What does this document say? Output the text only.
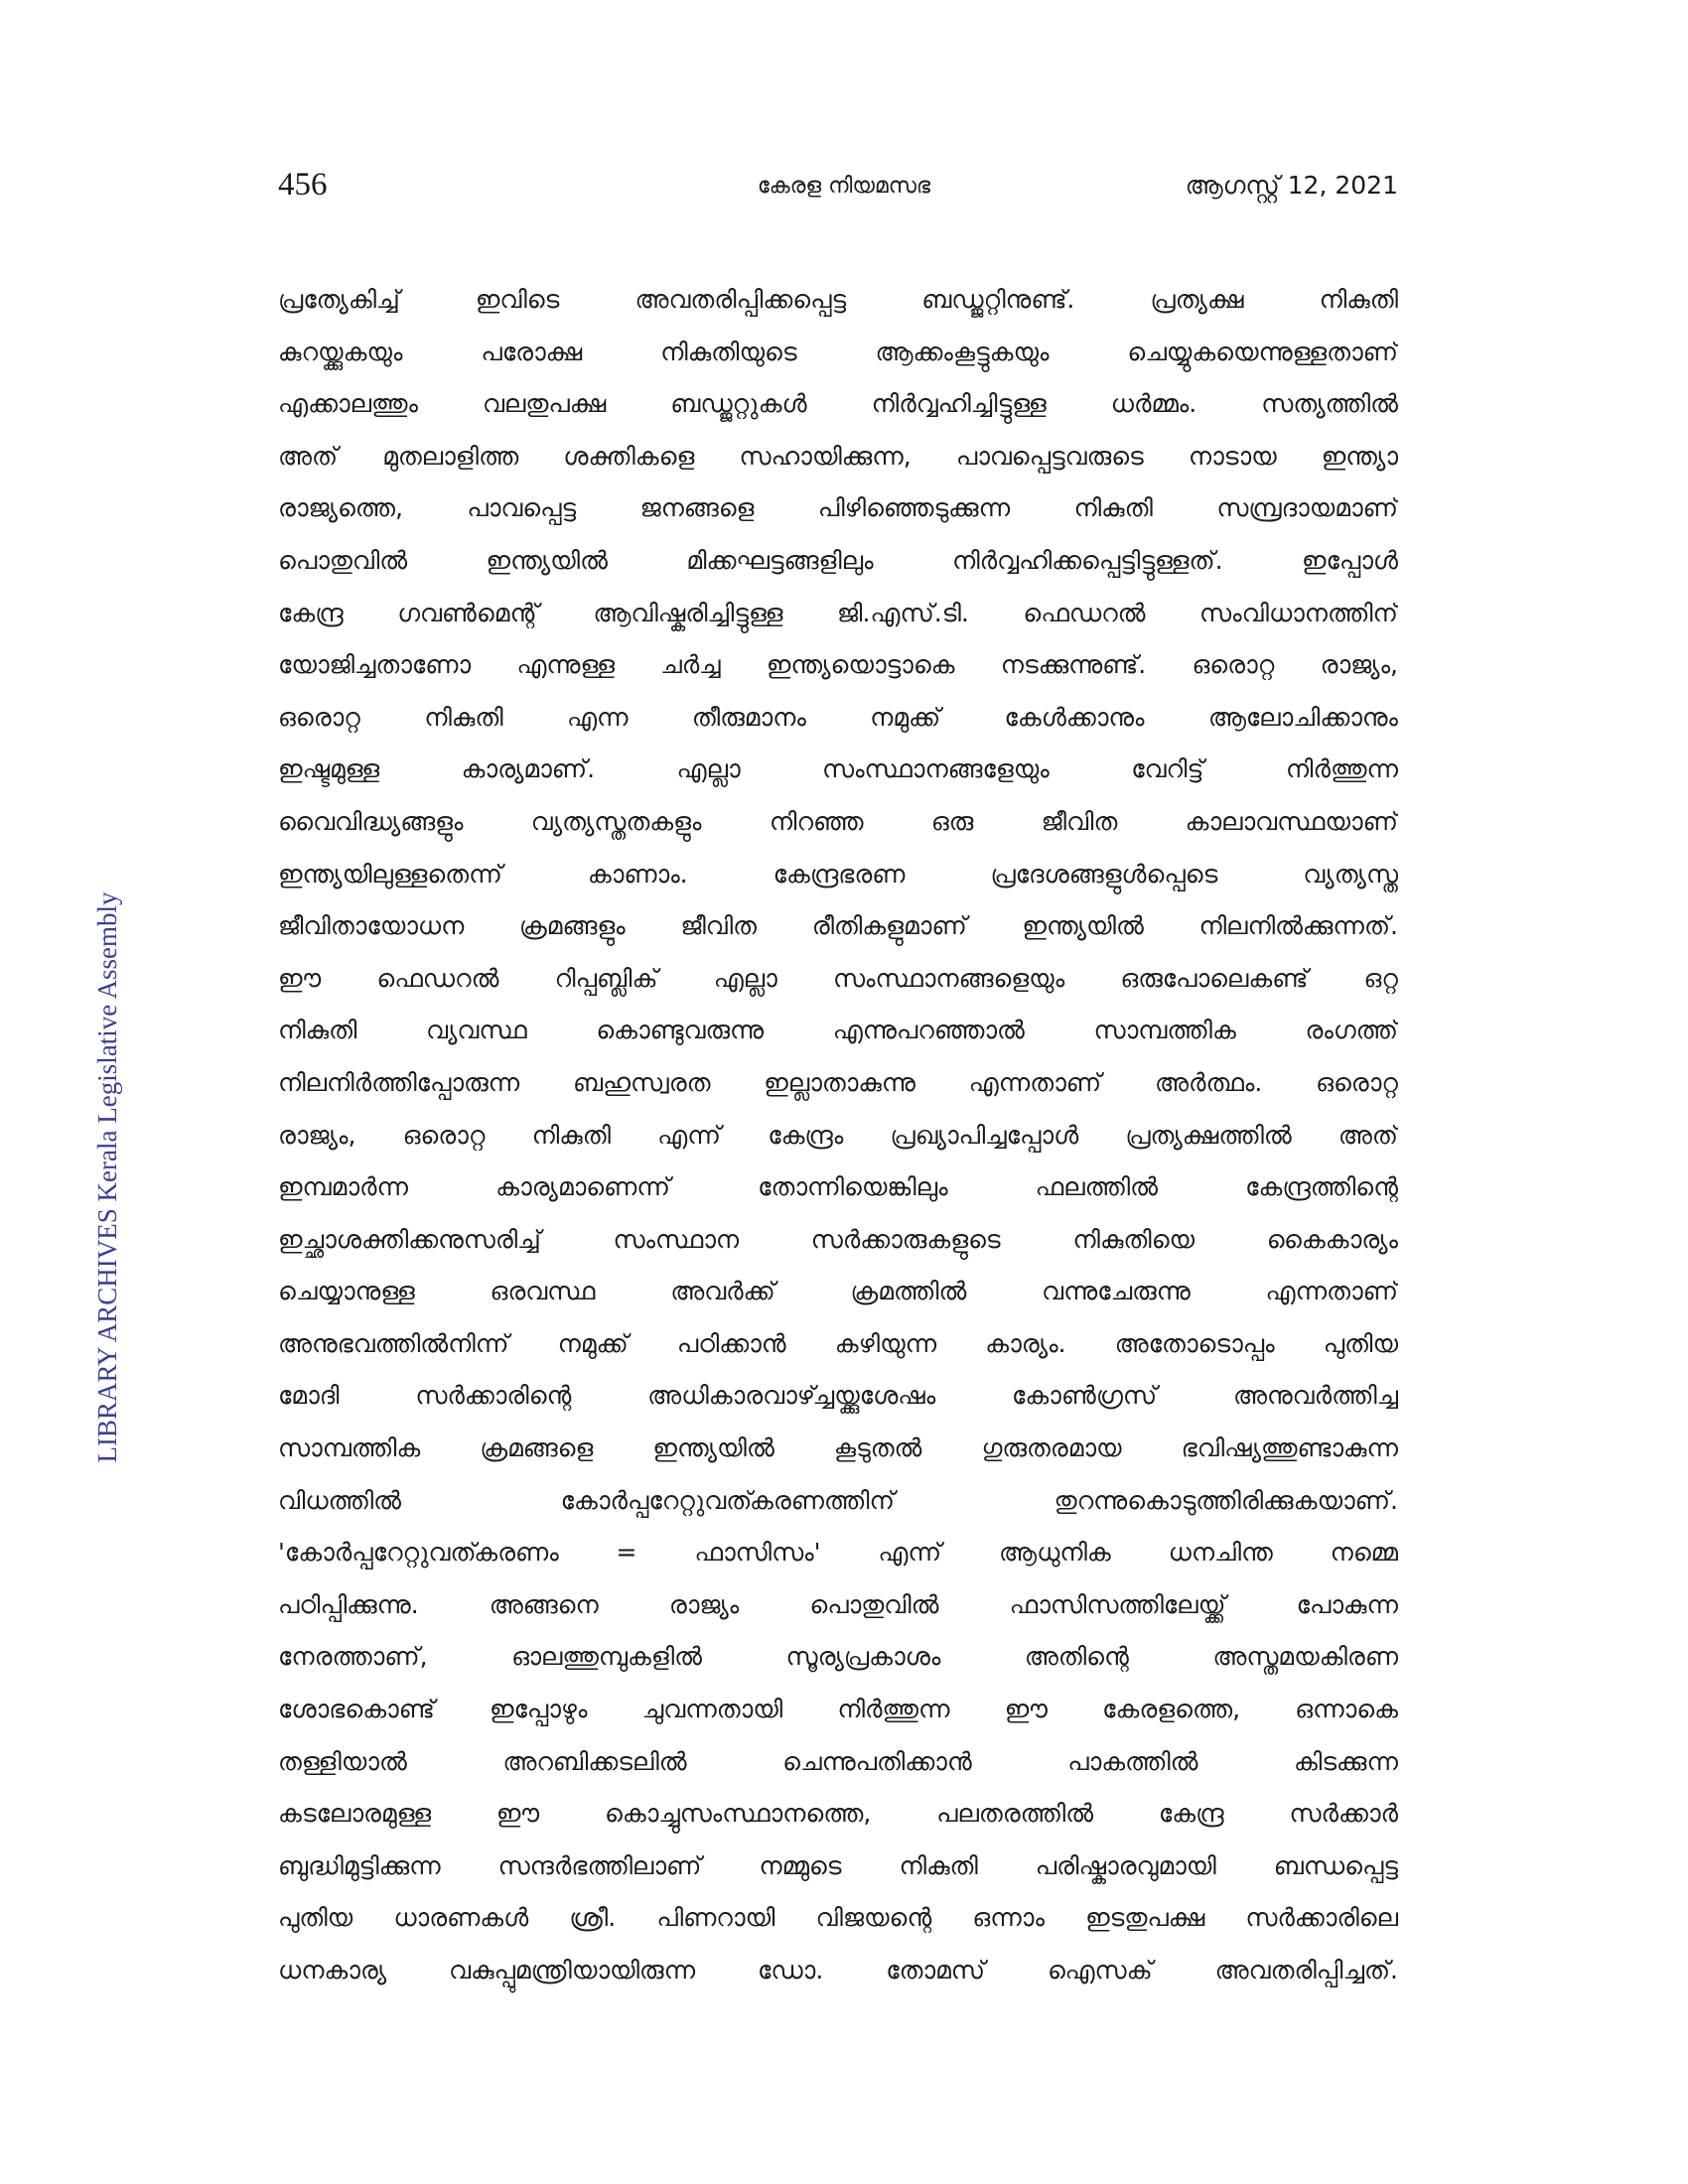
456	കേരള നിയമസഭ	ആഗസ്റ്റ് 12, 2021
LIBRARY ARCHIVES Kerala Legislative Assembly
പ്രത്യേകിച്ച് ഇവിടെ അവതരിപ്പിക്കപ്പെട്ട ബഡ്ജറ്റിനുണ്ട്. പ്രത്യക്ഷ നികുതി
കുറയ്ക്കുകയും പരോക്ഷ നികുതിയുടെ ആക്കംകൂട്ടുകയും ചെയ്യുകയെന്നുള്ളതാണ്
എക്കാലത്തും വലതുപക്ഷ ബഡ്ജറ്റുകൾ നിർവ്വഹിച്ചിട്ടുള്ള ധർമ്മം. സത്യത്തിൽ
അത് മുതലാളിത്ത ശക്തികളെ സഹായിക്കുന്ന, പാവപ്പെട്ടവരുടെ നാടായ ഇന്ത്യാ
രാജ്യത്തെ, പാവപ്പെട്ട ജനങ്ങളെ പിഴിഞ്ഞെടുക്കുന്ന നികുതി സമ്പ്രദായമാണ്
പൊതുവിൽ ഇന്ത്യയിൽ മിക്കഘട്ടങ്ങളിലും നിർവ്വഹിക്കപ്പെട്ടിട്ടുള്ളത്. ഇപ്പോൾ
കേന്ദ്ര ഗവൺമെന്റ് ആവിഷ്കരിച്ചിട്ടുള്ള ജി.എസ്.ടി. ഫെഡറൽ സംവിധാനത്തിന്
യോജിച്ചതാണോ എന്നുള്ള ചർച്ച ഇന്ത്യയൊട്ടാകെ നടക്കുന്നുണ്ട്. ഒരൊറ്റ രാജ്യം,
ഒരൊറ്റ നികുതി എന്ന തീരുമാനം നമുക്ക് കേൾക്കാനും ആലോചിക്കാനും
ഇഷ്ടമുള്ള കാര്യമാണ്. എല്ലാ സംസ്ഥാനങ്ങളേയും വേറിട്ട് നിർത്തുന്ന
വൈവിദ്ധ്യങ്ങളും വ്യത്യസ്തതകളും നിറഞ്ഞ ഒരു ജീവിത കാലാവസ്ഥയാണ്
ഇന്ത്യയിലുള്ളതെന്ന് കാണാം. കേന്ദ്രഭരണ പ്രദേശങ്ങളുൾപ്പെടെ വ്യത്യസ്ത
ജീവിതായോധന ക്രമങ്ങളും ജീവിത രീതികളുമാണ് ഇന്ത്യയിൽ നിലനിൽക്കുന്നത്.
ഈ ഫെഡറൽ റിപ്പബ്ലിക് എല്ലാ സംസ്ഥാനങ്ങളെയും ഒരുപോലെകണ്ട് ഒറ്റ
നികുതി വ്യവസ്ഥ കൊണ്ടുവരുന്നു എന്നുപറഞ്ഞാൽ സാമ്പത്തിക രംഗത്ത്
നിലനിർത്തിപ്പോരുന്ന ബഹുസ്വരത ഇല്ലാതാകുന്നു എന്നതാണ് അർത്ഥം. ഒരൊറ്റ
രാജ്യം, ഒരൊറ്റ നികുതി എന്ന് കേന്ദ്രം പ്രഖ്യാപിച്ചപ്പോൾ പ്രത്യക്ഷത്തിൽ അത്
ഇമ്പമാർന്ന കാര്യമാണെന്ന് തോന്നിയെങ്കിലും ഫലത്തിൽ കേന്ദ്രത്തിന്റെ
ഇച്ഛാശക്തിക്കനുസരിച്ച് സംസ്ഥാന സർക്കാരുകളുടെ നികുതിയെ കൈകാര്യം
ചെയ്യാനുള്ള ഒരവസ്ഥ അവർക്ക് ക്രമത്തിൽ വന്നുചേരുന്നു എന്നതാണ്
അനുഭവത്തിൽനിന്ന് നമുക്ക് പഠിക്കാൻ കഴിയുന്ന കാര്യം. അതോടൊപ്പം പുതിയ
മോദി സർക്കാരിന്റെ അധികാരവാഴ്ച്ചയ്ക്കുശേഷം കോൺഗ്രസ് അനുവർത്തിച്ച
സാമ്പത്തിക ക്രമങ്ങളെ ഇന്ത്യയിൽ കൂടുതൽ ഗുരുതരമായ ഭവിഷ്യത്തുണ്ടാകുന്ന
വിധത്തിൽ കോർപ്പറേറ്റുവത്കരണത്തിന് തുറന്നുകൊടുത്തിരിക്കുകയാണ്.
'കോർപ്പറേറ്റുവത്കരണം = ഫാസിസം' എന്ന് ആധുനിക ധനചിന്ത നമ്മെ
പഠിപ്പിക്കുന്നു. അങ്ങനെ രാജ്യം പൊതുവിൽ ഫാസിസത്തിലേയ്ക്ക് പോകുന്ന
നേരത്താണ്, ഓലത്തുമ്പുകളിൽ സൂര്യപ്രകാശം അതിന്റെ അസ്തമയകിരണ
ശോഭകൊണ്ട് ഇപ്പോഴും ചുവന്നതായി നിർത്തുന്ന ഈ കേരളത്തെ, ഒന്നാകെ
തള്ളിയാൽ അറബിക്കടലിൽ ചെന്നുപതിക്കാൻ പാകത്തിൽ കിടക്കുന്ന
കടലോരമുള്ള ഈ കൊച്ചുസംസ്ഥാനത്തെ, പലതരത്തിൽ കേന്ദ്ര സർക്കാർ
ബുദ്ധിമുട്ടിക്കുന്ന സന്ദർഭത്തിലാണ് നമ്മുടെ നികുതി പരിഷ്കാരവുമായി ബന്ധപ്പെട്ട
പുതിയ ധാരണകൾ ശ്രീ. പിണറായി വിജയന്റെ ഒന്നാം ഇടതുപക്ഷ സർക്കാരിലെ
ധനകാര്യ വകുപ്പുമന്ത്രിയായിരുന്ന ഡോ. തോമസ് ഐസക് അവതരിപ്പിച്ചത്.
